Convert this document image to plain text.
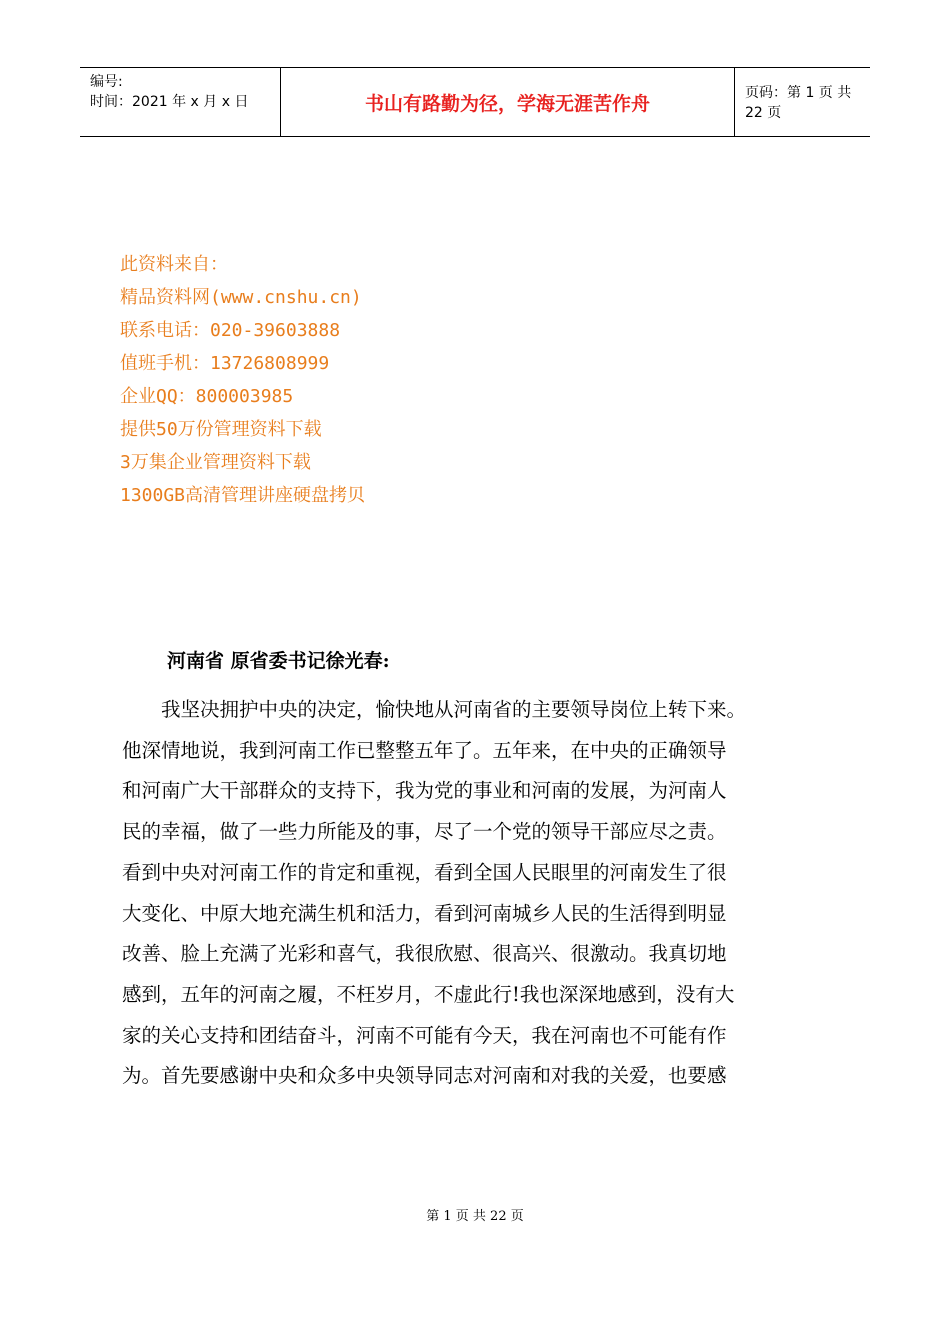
编号:
时间：2021 年 x 月 x 日	书山有路勤为径，学海无涯苦作舟	页码：第 1 页 共 22 页
此资料来自：
精品资料网(www.cnshu.cn)
联系电话：020-39603888
值班手机：13726808999
企业QQ：800003985
提供50万份管理资料下载
3万集企业管理资料下载
1300GB高清管理讲座硬盘拷贝
河南省 原省委书记徐光春:
　　我坚决拥护中央的决定，愉快地从河南省的主要领导岗位上转下来。
他深情地说，我到河南工作已整整五年了。五年来，在中央的正确领导
和河南广大干部群众的支持下，我为党的事业和河南的发展，为河南人
民的幸福，做了一些力所能及的事，尽了一个党的领导干部应尽之责。
看到中央对河南工作的肯定和重视，看到全国人民眼里的河南发生了很
大变化、中原大地充满生机和活力，看到河南城乡人民的生活得到明显
改善、脸上充满了光彩和喜气，我很欣慰、很高兴、很激动。我真切地
感到，五年的河南之履，不枉岁月，不虚此行!我也深深地感到，没有大
家的关心支持和团结奋斗，河南不可能有今天，我在河南也不可能有作
为。首先要感谢中央和众多中央领导同志对河南和对我的关爱，也要感
第 1 页 共 22 页
